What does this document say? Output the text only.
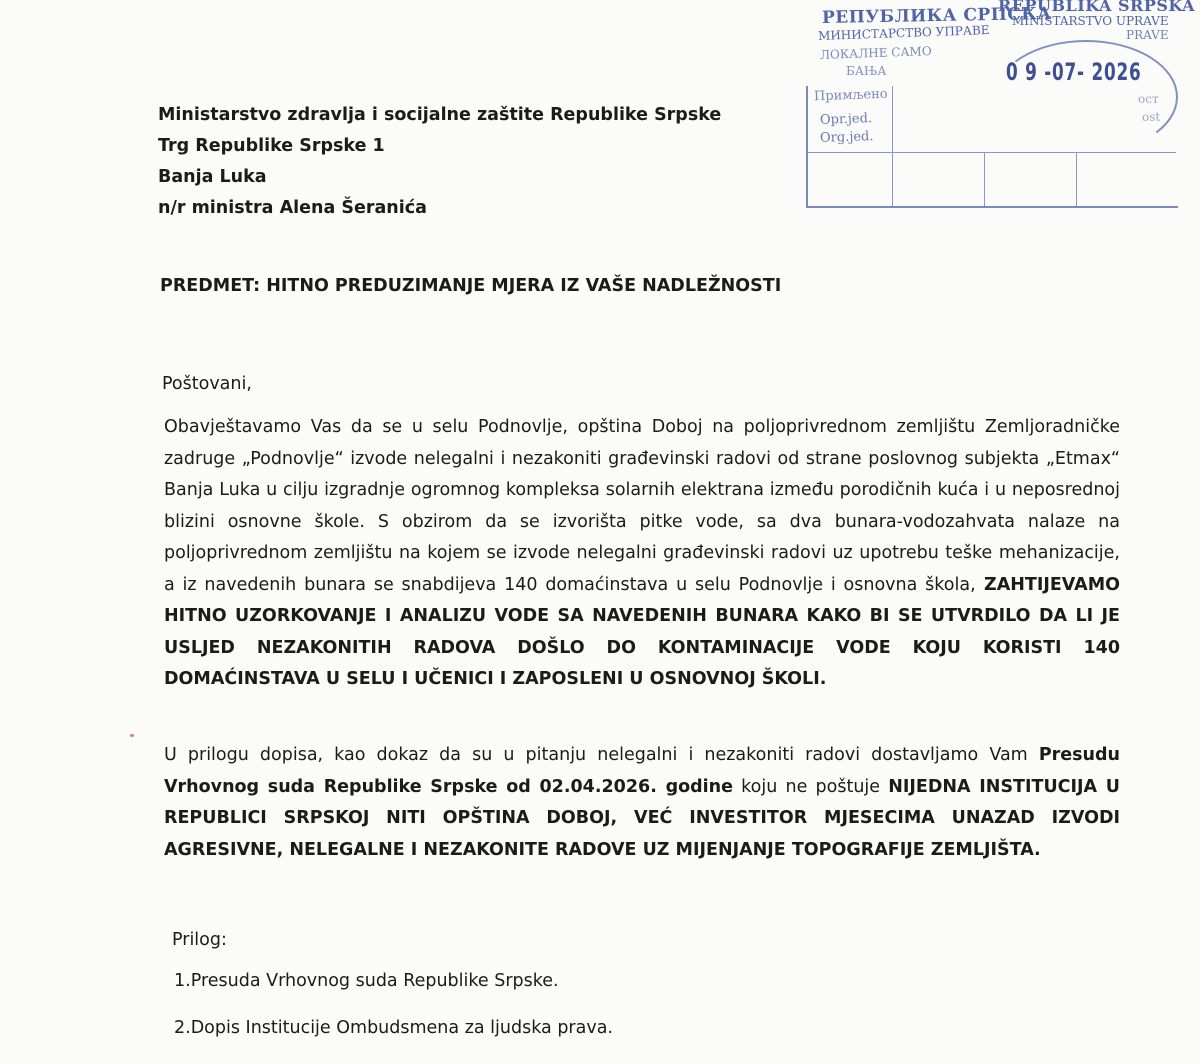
РЕПУБЛИКА СРПСКА
REPUBLIKA SRPSKA
МИНИСТАРСТВО УПРАВЕ
MINISTARSTVO UPRAVE
ЛОКАЛНЕ САМО
PRAVE
БАЊА
Примљено	ост
Opr.jed.
Org.jed.
ost
0 9 -07- 2026
Ministarstvo zdravlja i socijalne zaštite Republike Srpske
Trg Republike Srpske 1
Banja Luka
n/r ministra Alena Šeranića
PREDMET: HITNO PREDUZIMANJE MJERA IZ VAŠE NADLEŽNOSTI
Poštovani,
Obavještavamo Vas da se u selu Podnovlje, opština Doboj na poljoprivrednom zemljištu Zemljoradničke zadruge „Podnovlje“ izvode nelegalni i nezakoniti građevinski radovi od strane poslovnog subjekta „Etmax“ Banja Luka u cilju izgradnje ogromnog kompleksa solarnih elektrana između porodičnih kuća i u neposrednoj blizini osnovne škole. S obzirom da se izvorišta pitke vode, sa dva bunara-vodozahvata nalaze na poljoprivrednom zemljištu na kojem se izvode nelegalni građevinski radovi uz upotrebu teške mehanizacije, a iz navedenih bunara se snabdijeva 140 domaćinstava u selu Podnovlje i osnovna škola, ZAHTIJEVAMO HITNO UZORKOVANJE I ANALIZU VODE SA NAVEDENIH BUNARA KAKO BI SE UTVRDILO DA LI JE USLJED NEZAKONITIH RADOVA DOŠLO DO KONTAMINACIJE VODE KOJU KORISTI 140 DOMAĆINSTAVA U SELU I UČENICI I ZAPOSLENI U OSNOVNOJ ŠKOLI.
U prilogu dopisa, kao dokaz da su u pitanju nelegalni i nezakoniti radovi dostavljamo Vam Presudu Vrhovnog suda Republike Srpske od 02.04.2026. godine koju ne poštuje NIJEDNA INSTITUCIJA U REPUBLICI SRPSKOJ NITI OPŠTINA DOBOJ, VEĆ INVESTITOR MJESECIMA UNAZAD IZVODI AGRESIVNE, NELEGALNE I NEZAKONITE RADOVE UZ MIJENJANJE TOPOGRAFIJE ZEMLJIŠTA.
Prilog:
1.Presuda Vrhovnog suda Republike Srpske.
2.Dopis Institucije Ombudsmena za ljudska prava.
